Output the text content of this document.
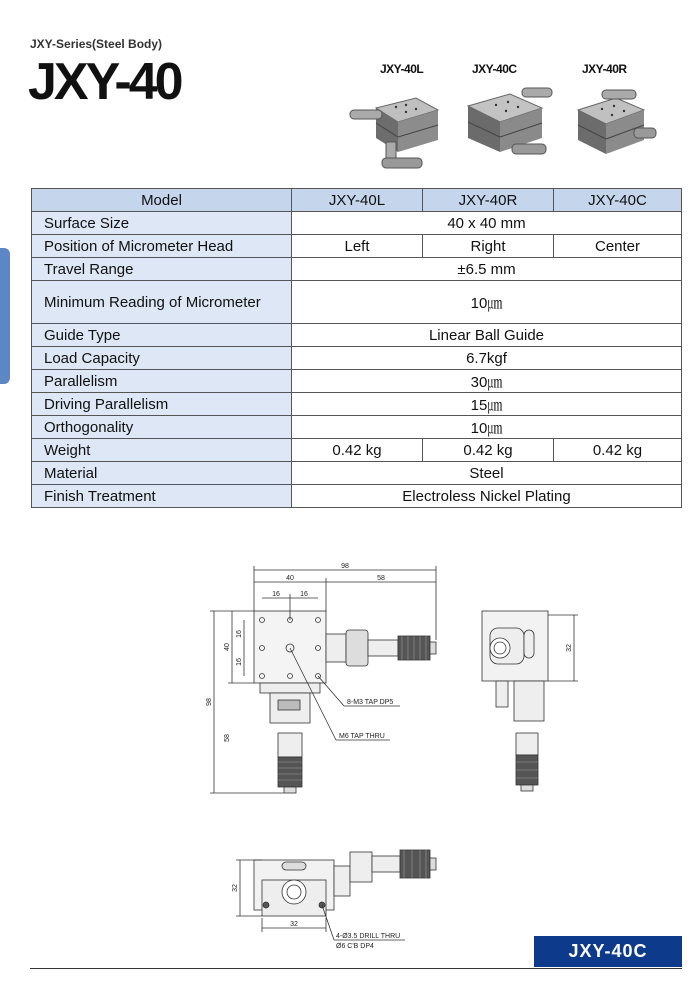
JXY-Series(Steel Body)
JXY-40	JXY-40L	JXY-40C	JXY-40R
Model	JXY-40L	JXY-40R	JXY-40C
Surface Size	40 x 40 mm		
Position of Micrometer Head	Left	Right	Center
Travel Range	±6.5 mm		
Minimum Reading of Micrometer	10㎛		
Guide Type	Linear Ball Guide		
Load Capacity	6.7kgf		
Parallelism	30㎛		
Driving Parallelism	15㎛		
Orthogonality	10㎛		
Weight	0.42 kg	0.42 kg	0.42 kg
Material	Steel		
Finish Treatment	Electroless Nickel Plating		
98
40	58
16	16
16
16
40
98
58
32
32
32
8-M3 TAP DP5
M6 TAP THRU
4-Ø3.5 DRILL THRU
Ø6 C'B DP4	JXY-40C
